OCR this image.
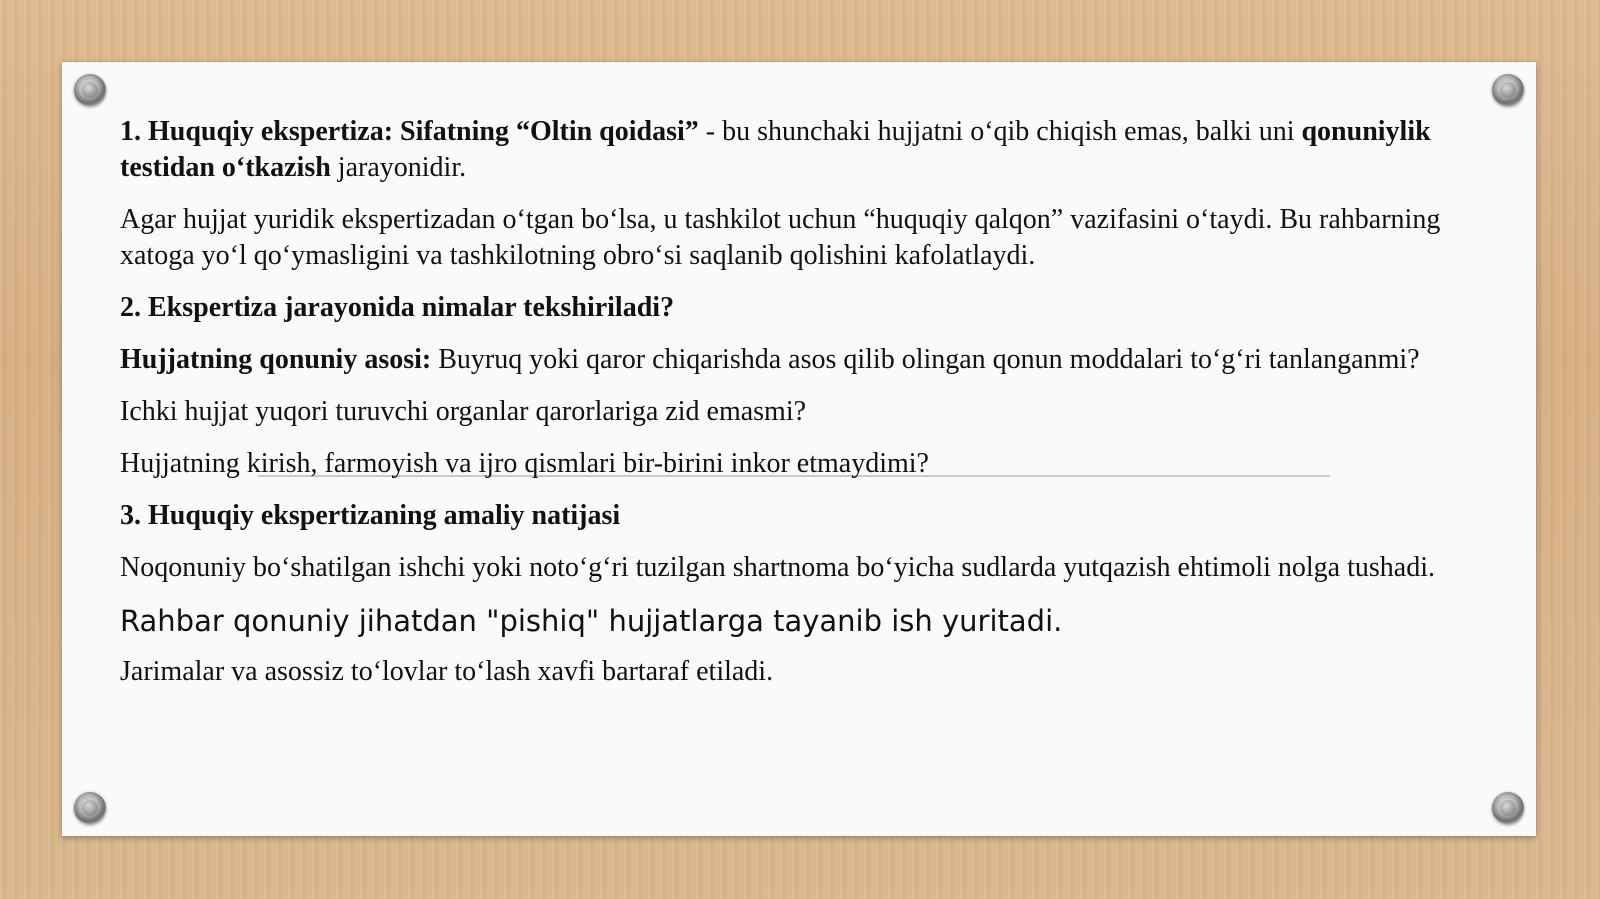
1. Huquqiy ekspertiza: Sifatning “Oltin qoidasi” - bu shunchaki hujjatni o‘qib chiqish emas, balki uni qonuniylik testidan o‘tkazish jarayonidir.

Agar hujjat yuridik ekspertizadan o‘tgan bo‘lsa, u tashkilot uchun “huquqiy qalqon” vazifasini o‘taydi. Bu rahbarning xatoga yo‘l qo‘ymasligini va tashkilotning obro‘si saqlanib qolishini kafolatlaydi.

2. Ekspertiza jarayonida nimalar tekshiriladi?

Hujjatning qonuniy asosi: Buyruq yoki qaror chiqarishda asos qilib olingan qonun moddalari to‘g‘ri tanlanganmi?

Ichki hujjat yuqori turuvchi organlar qarorlariga zid emasmi?

Hujjatning kirish, farmoyish va ijro qismlari bir-birini inkor etmaydimi?

3. Huquqiy ekspertizaning amaliy natijasi

Noqonuniy bo‘shatilgan ishchi yoki noto‘g‘ri tuzilgan shartnoma bo‘yicha sudlarda yutqazish ehtimoli nolga tushadi.

Rahbar qonuniy jihatdan "pishiq" hujjatlarga tayanib ish yuritadi.

Jarimalar va asossiz to‘lovlar to‘lash xavfi bartaraf etiladi.
